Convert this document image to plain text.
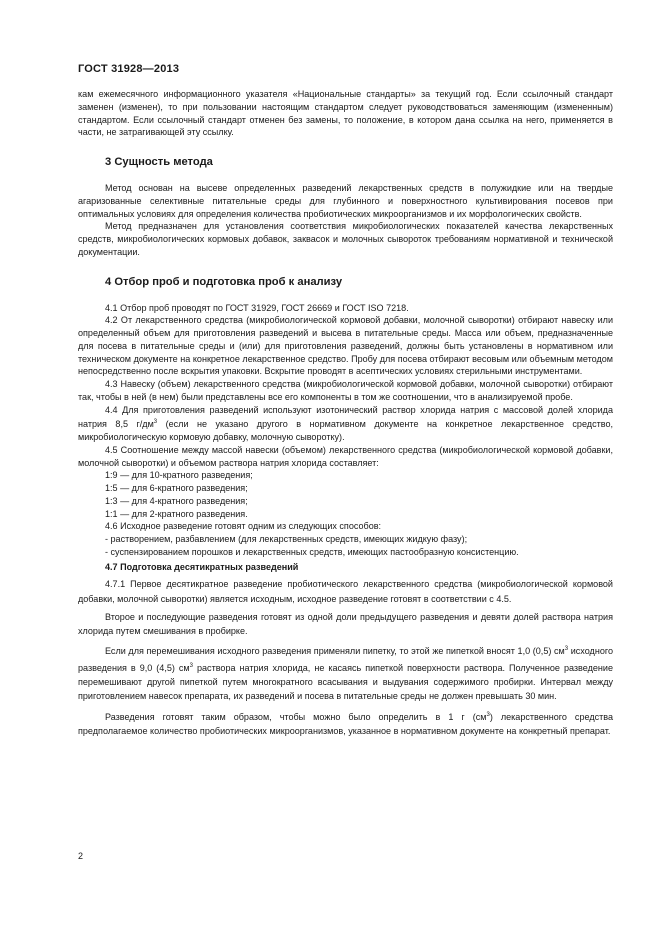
ГОСТ 31928—2013

кам ежемесячного информационного указателя «Национальные стандарты» за текущий год. Если ссылочный стандарт заменен (изменен), то при пользовании настоящим стандартом следует руководствоваться заменяющим (измененным) стандартом. Если ссылочный стандарт отменен без замены, то положение, в котором дана ссылка на него, применяется в части, не затрагивающей эту ссылку.

3 Сущность метода

Метод основан на высеве определенных разведений лекарственных средств в полужидкие или на твердые агаризованные селективные питательные среды для глубинного и поверхностного культивирования посевов при оптимальных условиях для определения количества пробиотических микроорганизмов и их морфологических свойств.

Метод предназначен для установления соответствия микробиологических показателей качества лекарственных средств, микробиологических кормовых добавок, заквасок и молочных сывороток требованиям нормативной и технической документации.

4 Отбор проб и подготовка проб к анализу

4.1 Отбор проб проводят по ГОСТ 31929, ГОСТ 26669 и ГОСТ ISO 7218.

4.2 От лекарственного средства (микробиологической кормовой добавки, молочной сыворотки) отбирают навеску или определенный объем для приготовления разведений и высева в питательные среды. Масса или объем, предназначенные для посева в питательные среды и (или) для приготовления разведений, должны быть установлены в нормативном или техническом документе на конкретное лекарственное средство. Пробу для посева отбирают весовым или объемным методом непосредственно после вскрытия упаковки. Вскрытие проводят в асептических условиях стерильными инструментами.

4.3 Навеску (объем) лекарственного средства (микробиологической кормовой добавки, молочной сыворотки) отбирают так, чтобы в ней (в нем) были представлены все его компоненты в том же соотношении, что в анализируемой пробе.

4.4 Для приготовления разведений используют изотонический раствор хлорида натрия с массовой долей хлорида натрия 8,5 $г/дм^3$ (если не указано другого в нормативном документе на конкретное лекарственное средство, микробиологическую кормовую добавку, молочную сыворотку).

4.5 Соотношение между массой навески (объемом) лекарственного средства (микробиологической кормовой добавки, молочной сыворотки) и объемом раствора натрия хлорида составляет:

1:9 — для 10-кратного разведения;

1:5 — для 6-кратного разведения;

1:3 — для 4-кратного разведения;

1:1 — для 2-кратного разведения.

4.6 Исходное разведение готовят одним из следующих способов:

- растворением, разбавлением (для лекарственных средств, имеющих жидкую фазу);

- суспензированием порошков и лекарственных средств, имеющих пастообразную консистенцию.

4.7 Подготовка десятикратных разведений

4.7.1 Первое десятикратное разведение пробиотического лекарственного средства (микробиологической кормовой добавки, молочной сыворотки) является исходным, исходное разведение готовят в соответствии с 4.5.

Второе и последующие разведения готовят из одной доли предыдущего разведения и девяти долей раствора натрия хлорида путем смешивания в пробирке.

Если для перемешивания исходного разведения применяли пипетку, то этой же пипеткой вносят 1,0 (0,5) $см^3$ исходного разведения в 9,0 (4,5) $см^3$ раствора натрия хлорида, не касаясь пипеткой поверхности раствора. Полученное разведение перемешивают другой пипеткой путем многократного всасывания и выдувания содержимого пробирки. Интервал между приготовлением навесок препарата, их разведений и посева в питательные среды не должен превышать 30 мин.

Разведения готовят таким образом, чтобы можно было определить в 1 г $(см^3)$ лекарственного средства предполагаемое количество пробиотических микроорганизмов, указанное в нормативном документе на конкретный препарат.

2
